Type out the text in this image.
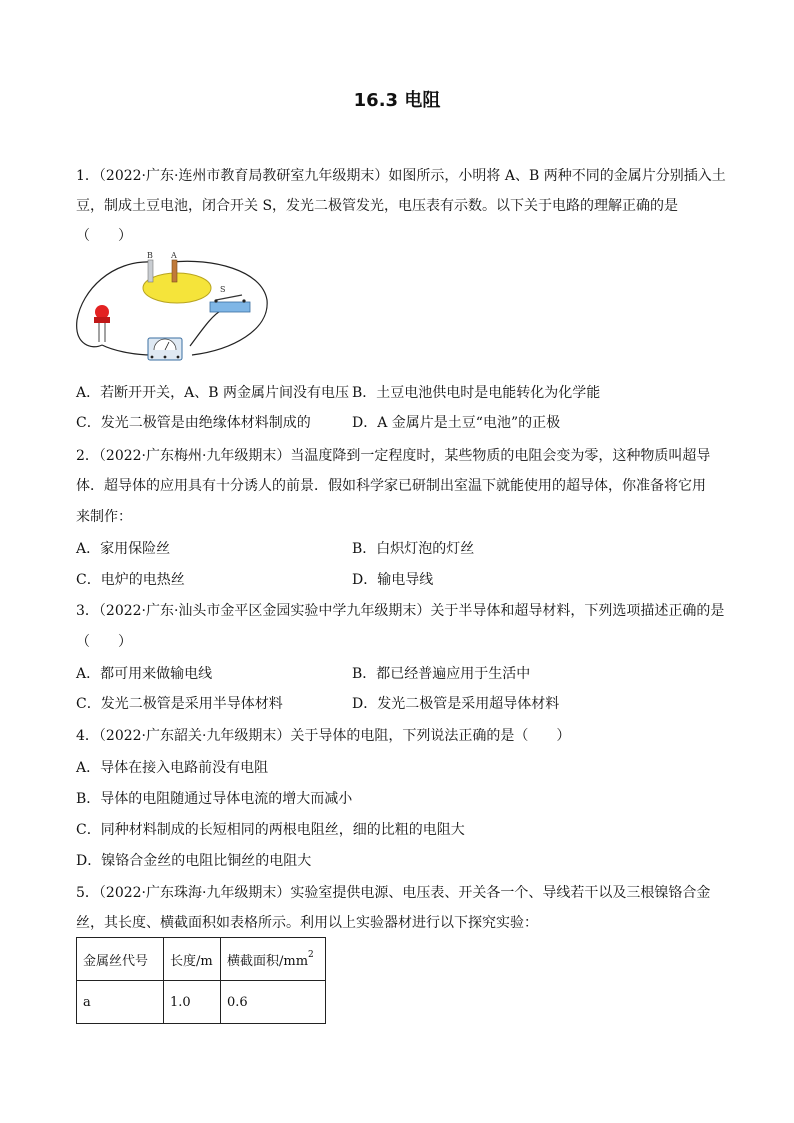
16.3 电阻
1．（2022·广东·连州市教育局教研室九年级期末）如图所示，小明将 A、B 两种不同的金属片分别插入土
豆，制成土豆电池，闭合开关 S，发光二极管发光，电压表有示数。以下关于电路的理解正确的是
（　　）
B A
S
A．若断开开关，A、B 两金属片间没有电压 B．土豆电池供电时是电能转化为化学能
C．发光二极管是由绝缘体材料制成的	D．A 金属片是土豆“电池”的正极
2．（2022·广东梅州·九年级期末）当温度降到一定程度时，某些物质的电阻会变为零，这种物质叫超导
体．超导体的应用具有十分诱人的前景．假如科学家已研制出室温下就能使用的超导体，你准备将它用
来制作：
A．家用保险丝	B．白炽灯泡的灯丝
C．电炉的电热丝	D．输电导线
3．（2022·广东·汕头市金平区金园实验中学九年级期末）关于半导体和超导材料，下列选项描述正确的是
（　　）
A．都可用来做输电线	B．都已经普遍应用于生活中
C．发光二极管是采用半导体材料	D．发光二极管是采用超导体材料
4．（2022·广东韶关·九年级期末）关于导体的电阻，下列说法正确的是（　　）
A．导体在接入电路前没有电阻
B．导体的电阻随通过导体电流的增大而减小
C．同种材料制成的长短相同的两根电阻丝，细的比粗的电阻大
D．镍铬合金丝的电阻比铜丝的电阻大
5．（2022·广东珠海·九年级期末）实验室提供电源、电压表、开关各一个、导线若干以及三根镍铬合金
丝，其长度、横截面积如表格所示。利用以上实验器材进行以下探究实验：
金属丝代号	长度/m	横截面积$/mm^2$
a	1.0	0.6
